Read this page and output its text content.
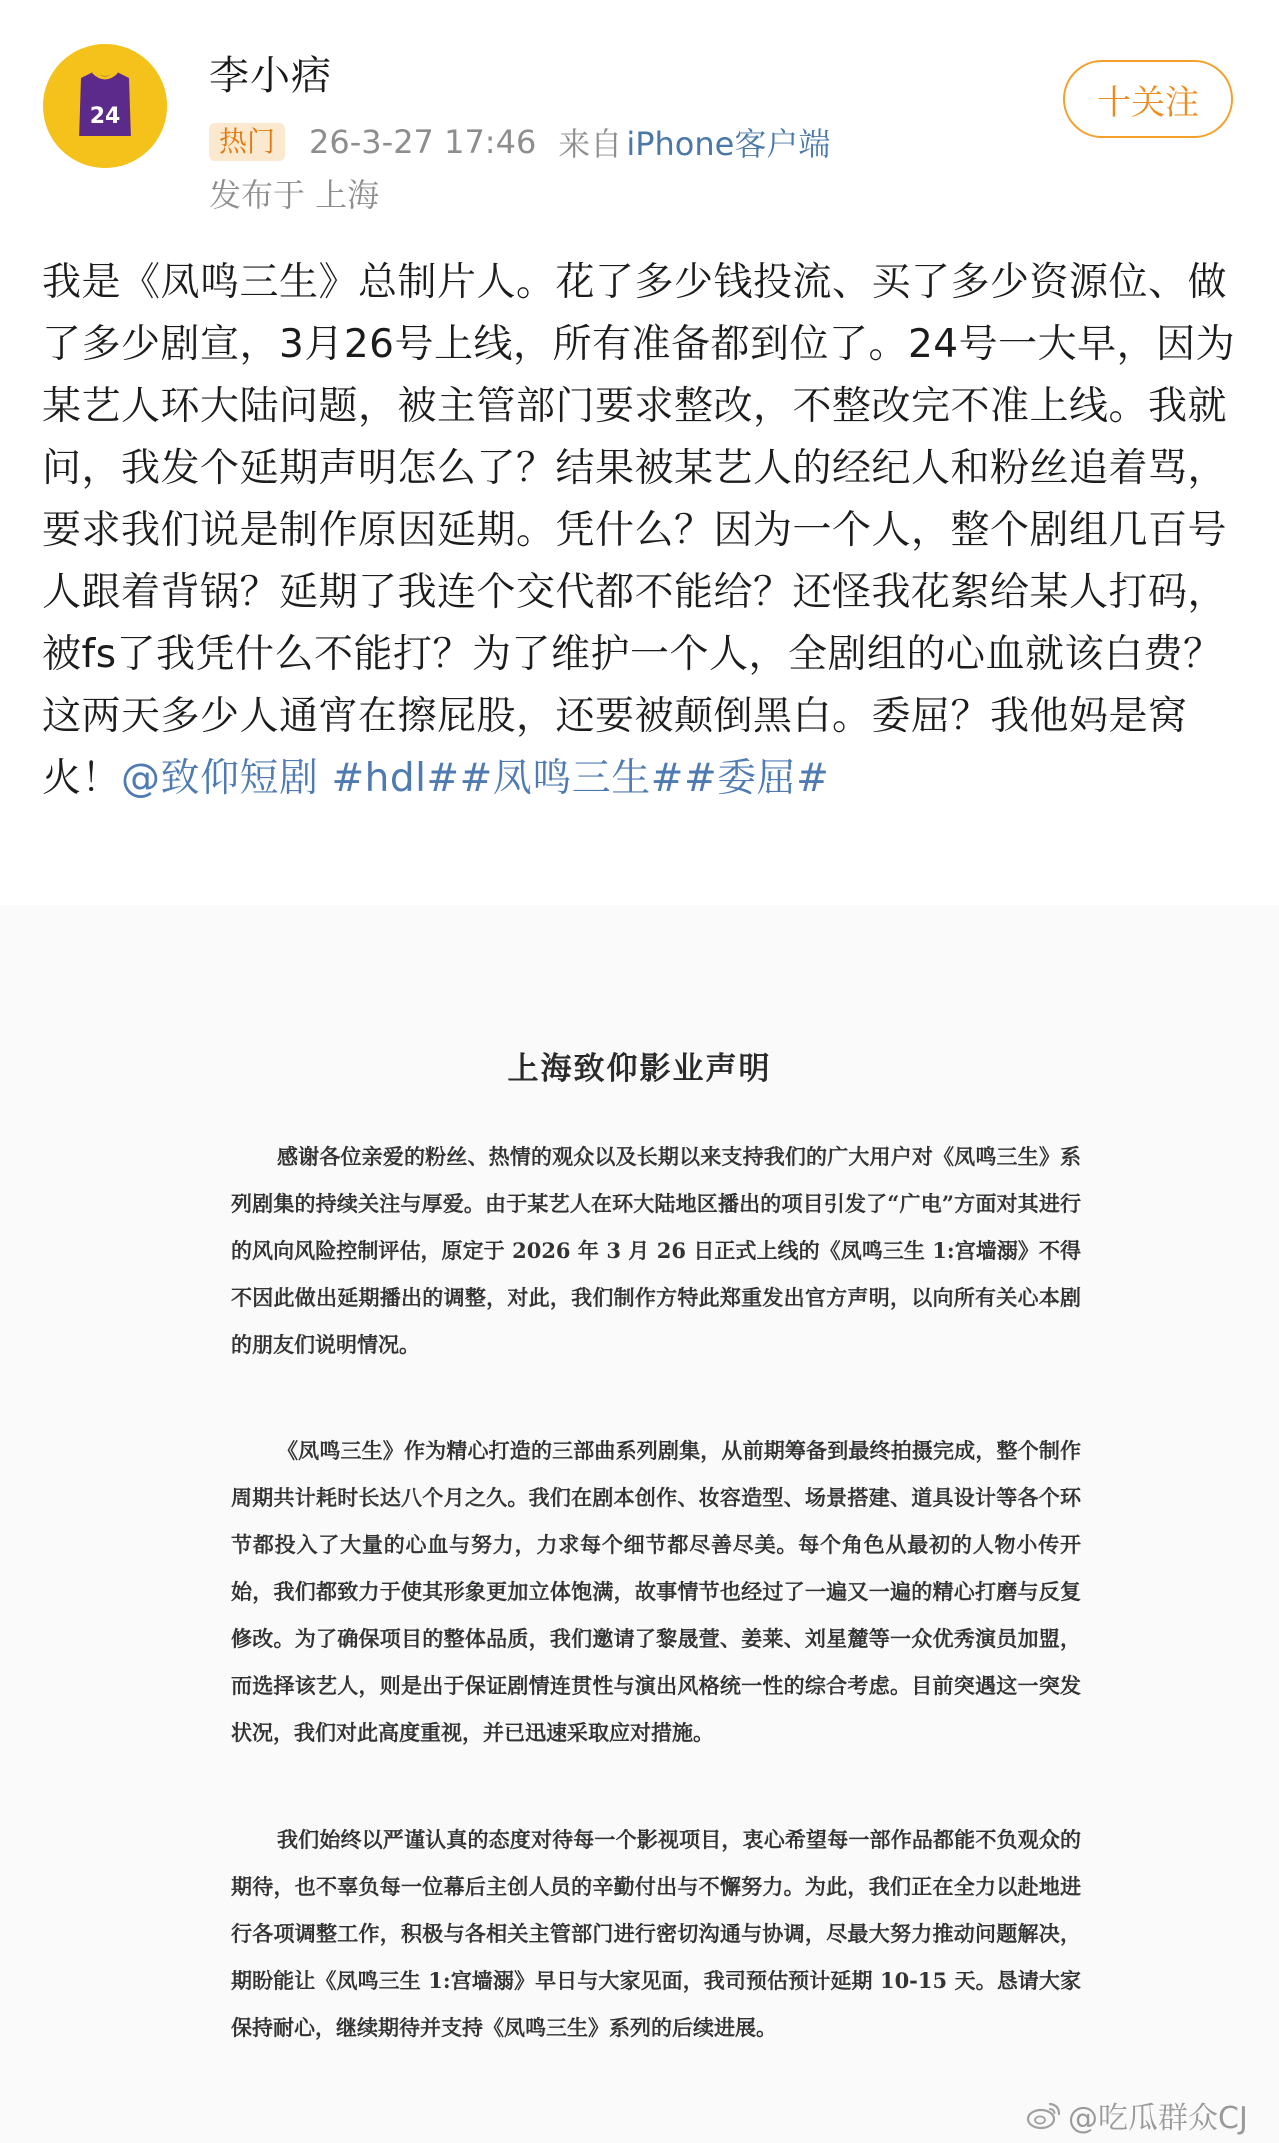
24
李小痞
热门	26-3-27 17:46 来自 iPhone客户端
发布于 上海
十关注
我是《凤鸣三生》总制片人。花了多少钱投流、买了多少资源位、做了多少剧宣，3月26号上线，所有准备都到位了。24号一大早，因为某艺人环大陆问题，被主管部门要求整改，不整改完不准上线。我就问，我发个延期声明怎么了？结果被某艺人的经纪人和粉丝追着骂，要求我们说是制作原因延期。凭什么？因为一个人，整个剧组几百号人跟着背锅？延期了我连个交代都不能给？还怪我花絮给某人打码，被fs了我凭什么不能打？为了维护一个人，全剧组的心血就该白费？这两天多少人通宵在擦屁股，还要被颠倒黑白。委屈？我他妈是窝火！@致仰短剧 #hdl##凤鸣三生##委屈#
上海致仰影业声明
感谢各位亲爱的粉丝、热情的观众以及长期以来支持我们的广大用户对《凤鸣三生》系列剧集的持续关注与厚爱。由于某艺人在环大陆地区播出的项目引发了“广电”方面对其进行的风向风险控制评估，原定于 2026 年 3 月 26 日正式上线的《凤鸣三生 1:宫墙溺》不得不因此做出延期播出的调整，对此，我们制作方特此郑重发出官方声明，以向所有关心本剧的朋友们说明情况。
《凤鸣三生》作为精心打造的三部曲系列剧集，从前期筹备到最终拍摄完成，整个制作周期共计耗时长达八个月之久。我们在剧本创作、妆容造型、场景搭建、道具设计等各个环节都投入了大量的心血与努力，力求每个细节都尽善尽美。每个角色从最初的人物小传开始，我们都致力于使其形象更加立体饱满，故事情节也经过了一遍又一遍的精心打磨与反复修改。为了确保项目的整体品质，我们邀请了黎晟萱、姜莱、刘星麓等一众优秀演员加盟，而选择该艺人，则是出于保证剧情连贯性与演出风格统一性的综合考虑。目前突遇这一突发状况，我们对此高度重视，并已迅速采取应对措施。
我们始终以严谨认真的态度对待每一个影视项目，衷心希望每一部作品都能不负观众的期待，也不辜负每一位幕后主创人员的辛勤付出与不懈努力。为此，我们正在全力以赴地进行各项调整工作，积极与各相关主管部门进行密切沟通与协调，尽最大努力推动问题解决，期盼能让《凤鸣三生 1:宫墙溺》早日与大家见面，我司预估预计延期 10-15 天。恳请大家保持耐心，继续期待并支持《凤鸣三生》系列的后续进展。
@吃瓜群众CJ
